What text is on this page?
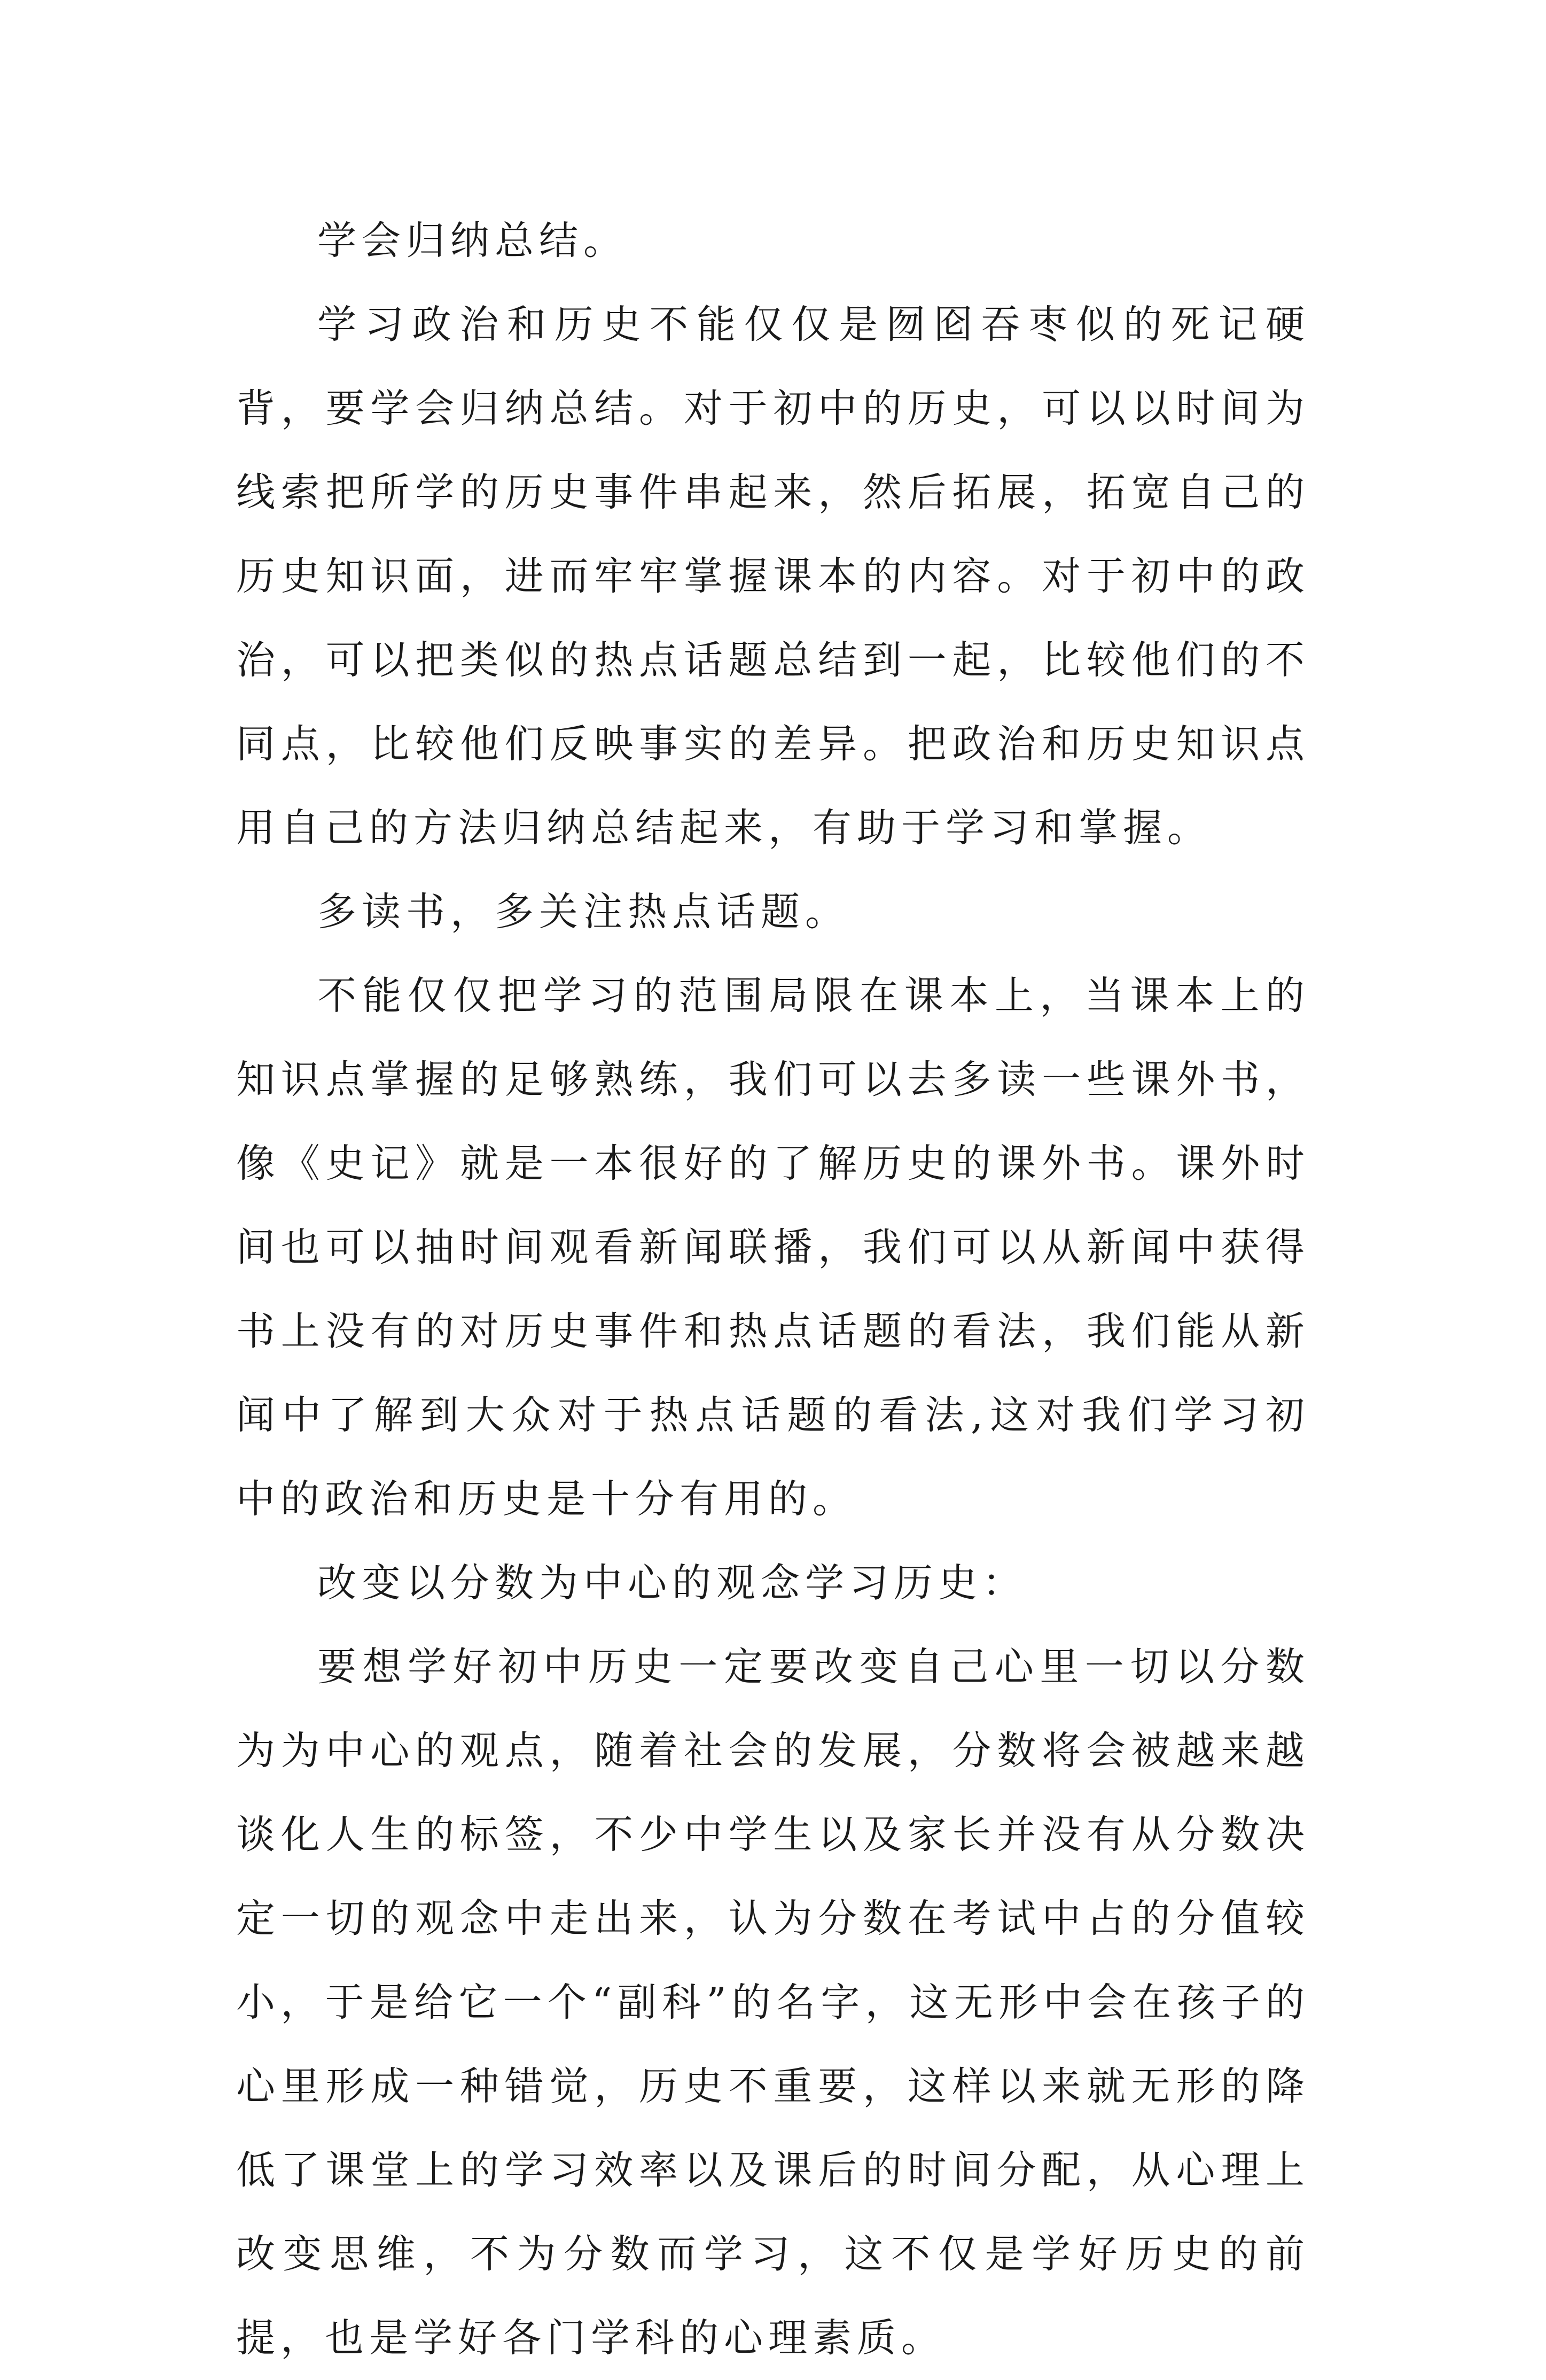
学会归纳总结。

学习政治和历史不能仅仅是囫囵吞枣似的死记硬背，要学会归纳总结。对于初中的历史，可以以时间为线索把所学的历史事件串起来，然后拓展，拓宽自己的历史知识面，进而牢牢掌握课本的内容。对于初中的政治，可以把类似的热点话题总结到一起，比较他们的不同点，比较他们反映事实的差异。把政治和历史知识点用自己的方法归纳总结起来，有助于学习和掌握。

多读书，多关注热点话题。

不能仅仅把学习的范围局限在课本上，当课本上的知识点掌握的足够熟练，我们可以去多读一些课外书，像《史记》就是一本很好的了解历史的课外书。课外时间也可以抽时间观看新闻联播，我们可以从新闻中获得书上没有的对历史事件和热点话题的看法，我们能从新闻中了解到大众对于热点话题的看法,这对我们学习初中的政治和历史是十分有用的。

改变以分数为中心的观念学习历史：

要想学好初中历史一定要改变自己心里一切以分数为为中心的观点，随着社会的发展，分数将会被越来越谈化人生的标签，不少中学生以及家长并没有从分数决定一切的观念中走出来，认为分数在考试中占的分值较小，于是给它一个“副科”的名字，这无形中会在孩子的心里形成一种错觉，历史不重要，这样以来就无形的降低了课堂上的学习效率以及课后的时间分配，从心理上改变思维，不为分数而学习，这不仅是学好历史的前提，也是学好各门学科的心理素质。
